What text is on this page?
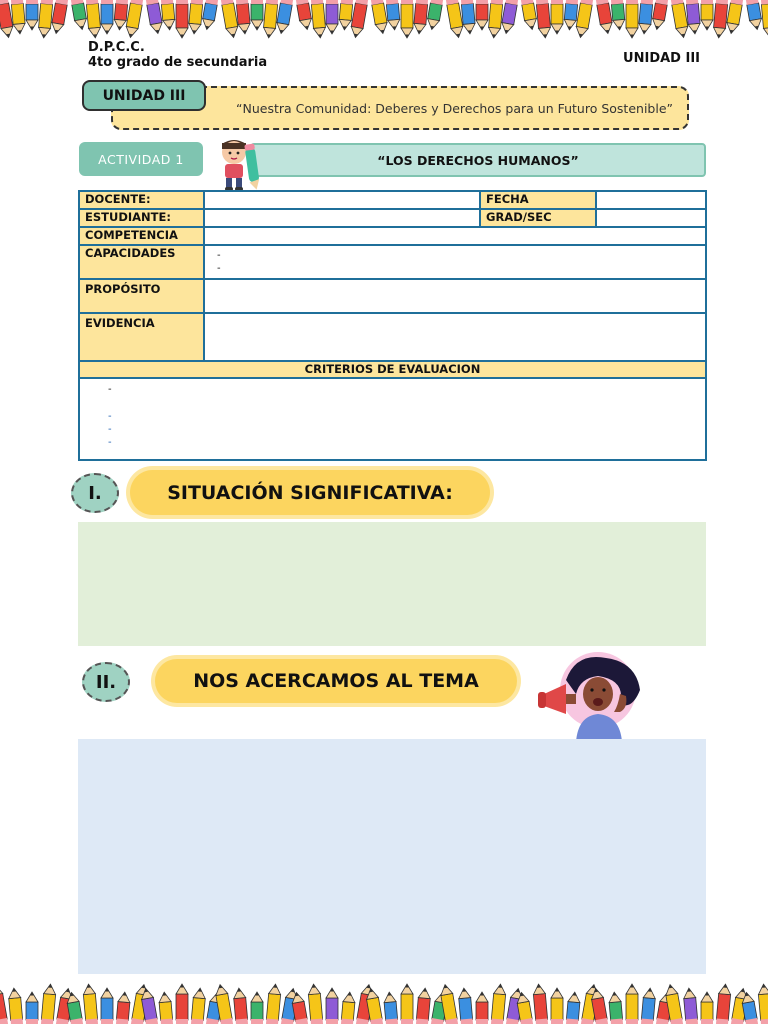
D.P.C.C.
4to grado de secundaria	UNIDAD III
“Nuestra Comunidad: Deberes y Derechos para un Futuro Sostenible”
UNIDAD III
ACTIVIDAD 1	“LOS DERECHOS HUMANOS”
DOCENTE:		FECHA	
ESTUDIANTE:		GRAD/SEC	
COMPETENCIA			
CAPACIDADES	-
-		

PROPÓSITO			
EVIDENCIA			
CRITERIOS DE EVALUACION			

-
-
-
-			
I.	SITUACIÓN SIGNIFICATIVA:
II.	NOS ACERCAMOS AL TEMA
